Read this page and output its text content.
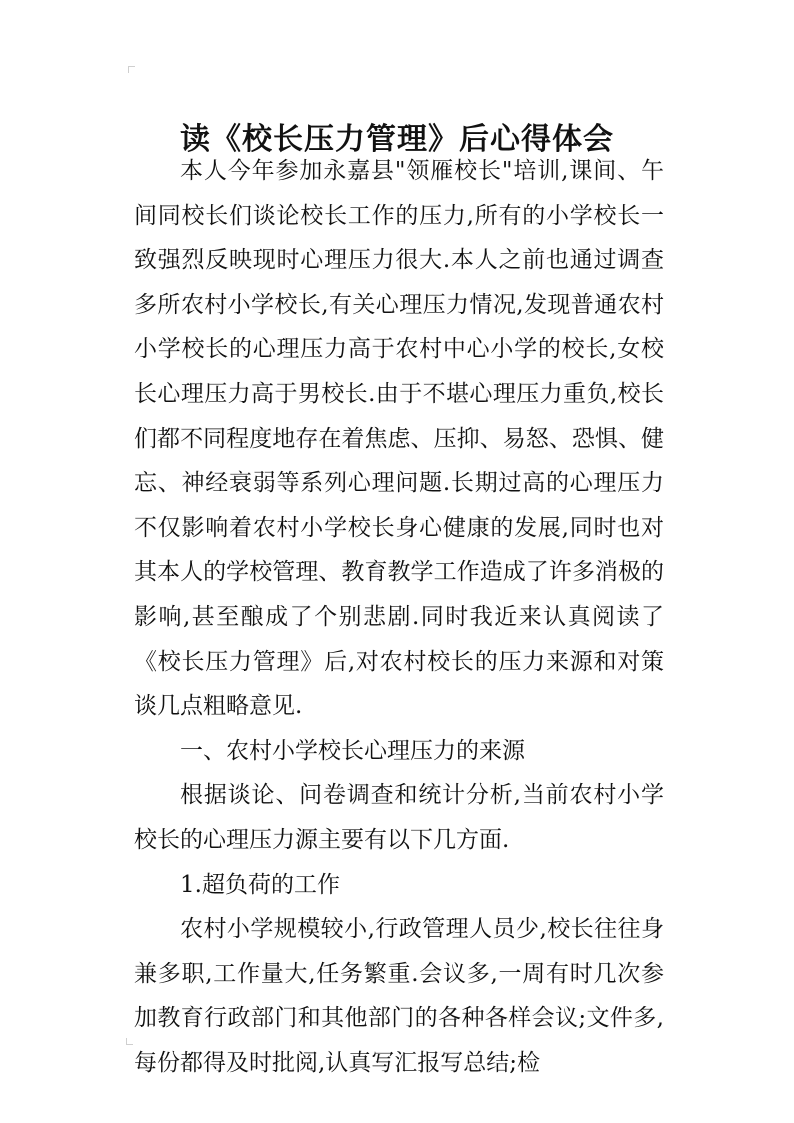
读《校长压力管理》后心得体会

本人今年参加永嘉县"领雁校长"培训,课间、午间同校长们谈论校长工作的压力,所有的小学校长一致强烈反映现时心理压力很大.本人之前也通过调查多所农村小学校长,有关心理压力情况,发现普通农村小学校长的心理压力高于农村中心小学的校长,女校长心理压力高于男校长.由于不堪心理压力重负,校长们都不同程度地存在着焦虑、压抑、易怒、恐惧、健忘、神经衰弱等系列心理问题.长期过高的心理压力不仅影响着农村小学校长身心健康的发展,同时也对其本人的学校管理、教育教学工作造成了许多消极的影响,甚至酿成了个别悲剧.同时我近来认真阅读了《校长压力管理》后,对农村校长的压力来源和对策谈几点粗略意见.

一、农村小学校长心理压力的来源

根据谈论、问卷调查和统计分析,当前农村小学校长的心理压力源主要有以下几方面.

1.超负荷的工作

农村小学规模较小,行政管理人员少,校长往往身兼多职,工作量大,任务繁重.会议多,一周有时几次参加教育行政部门和其他部门的各种各样会议;文件多,每份都得及时批阅,认真写汇报写总结;检
